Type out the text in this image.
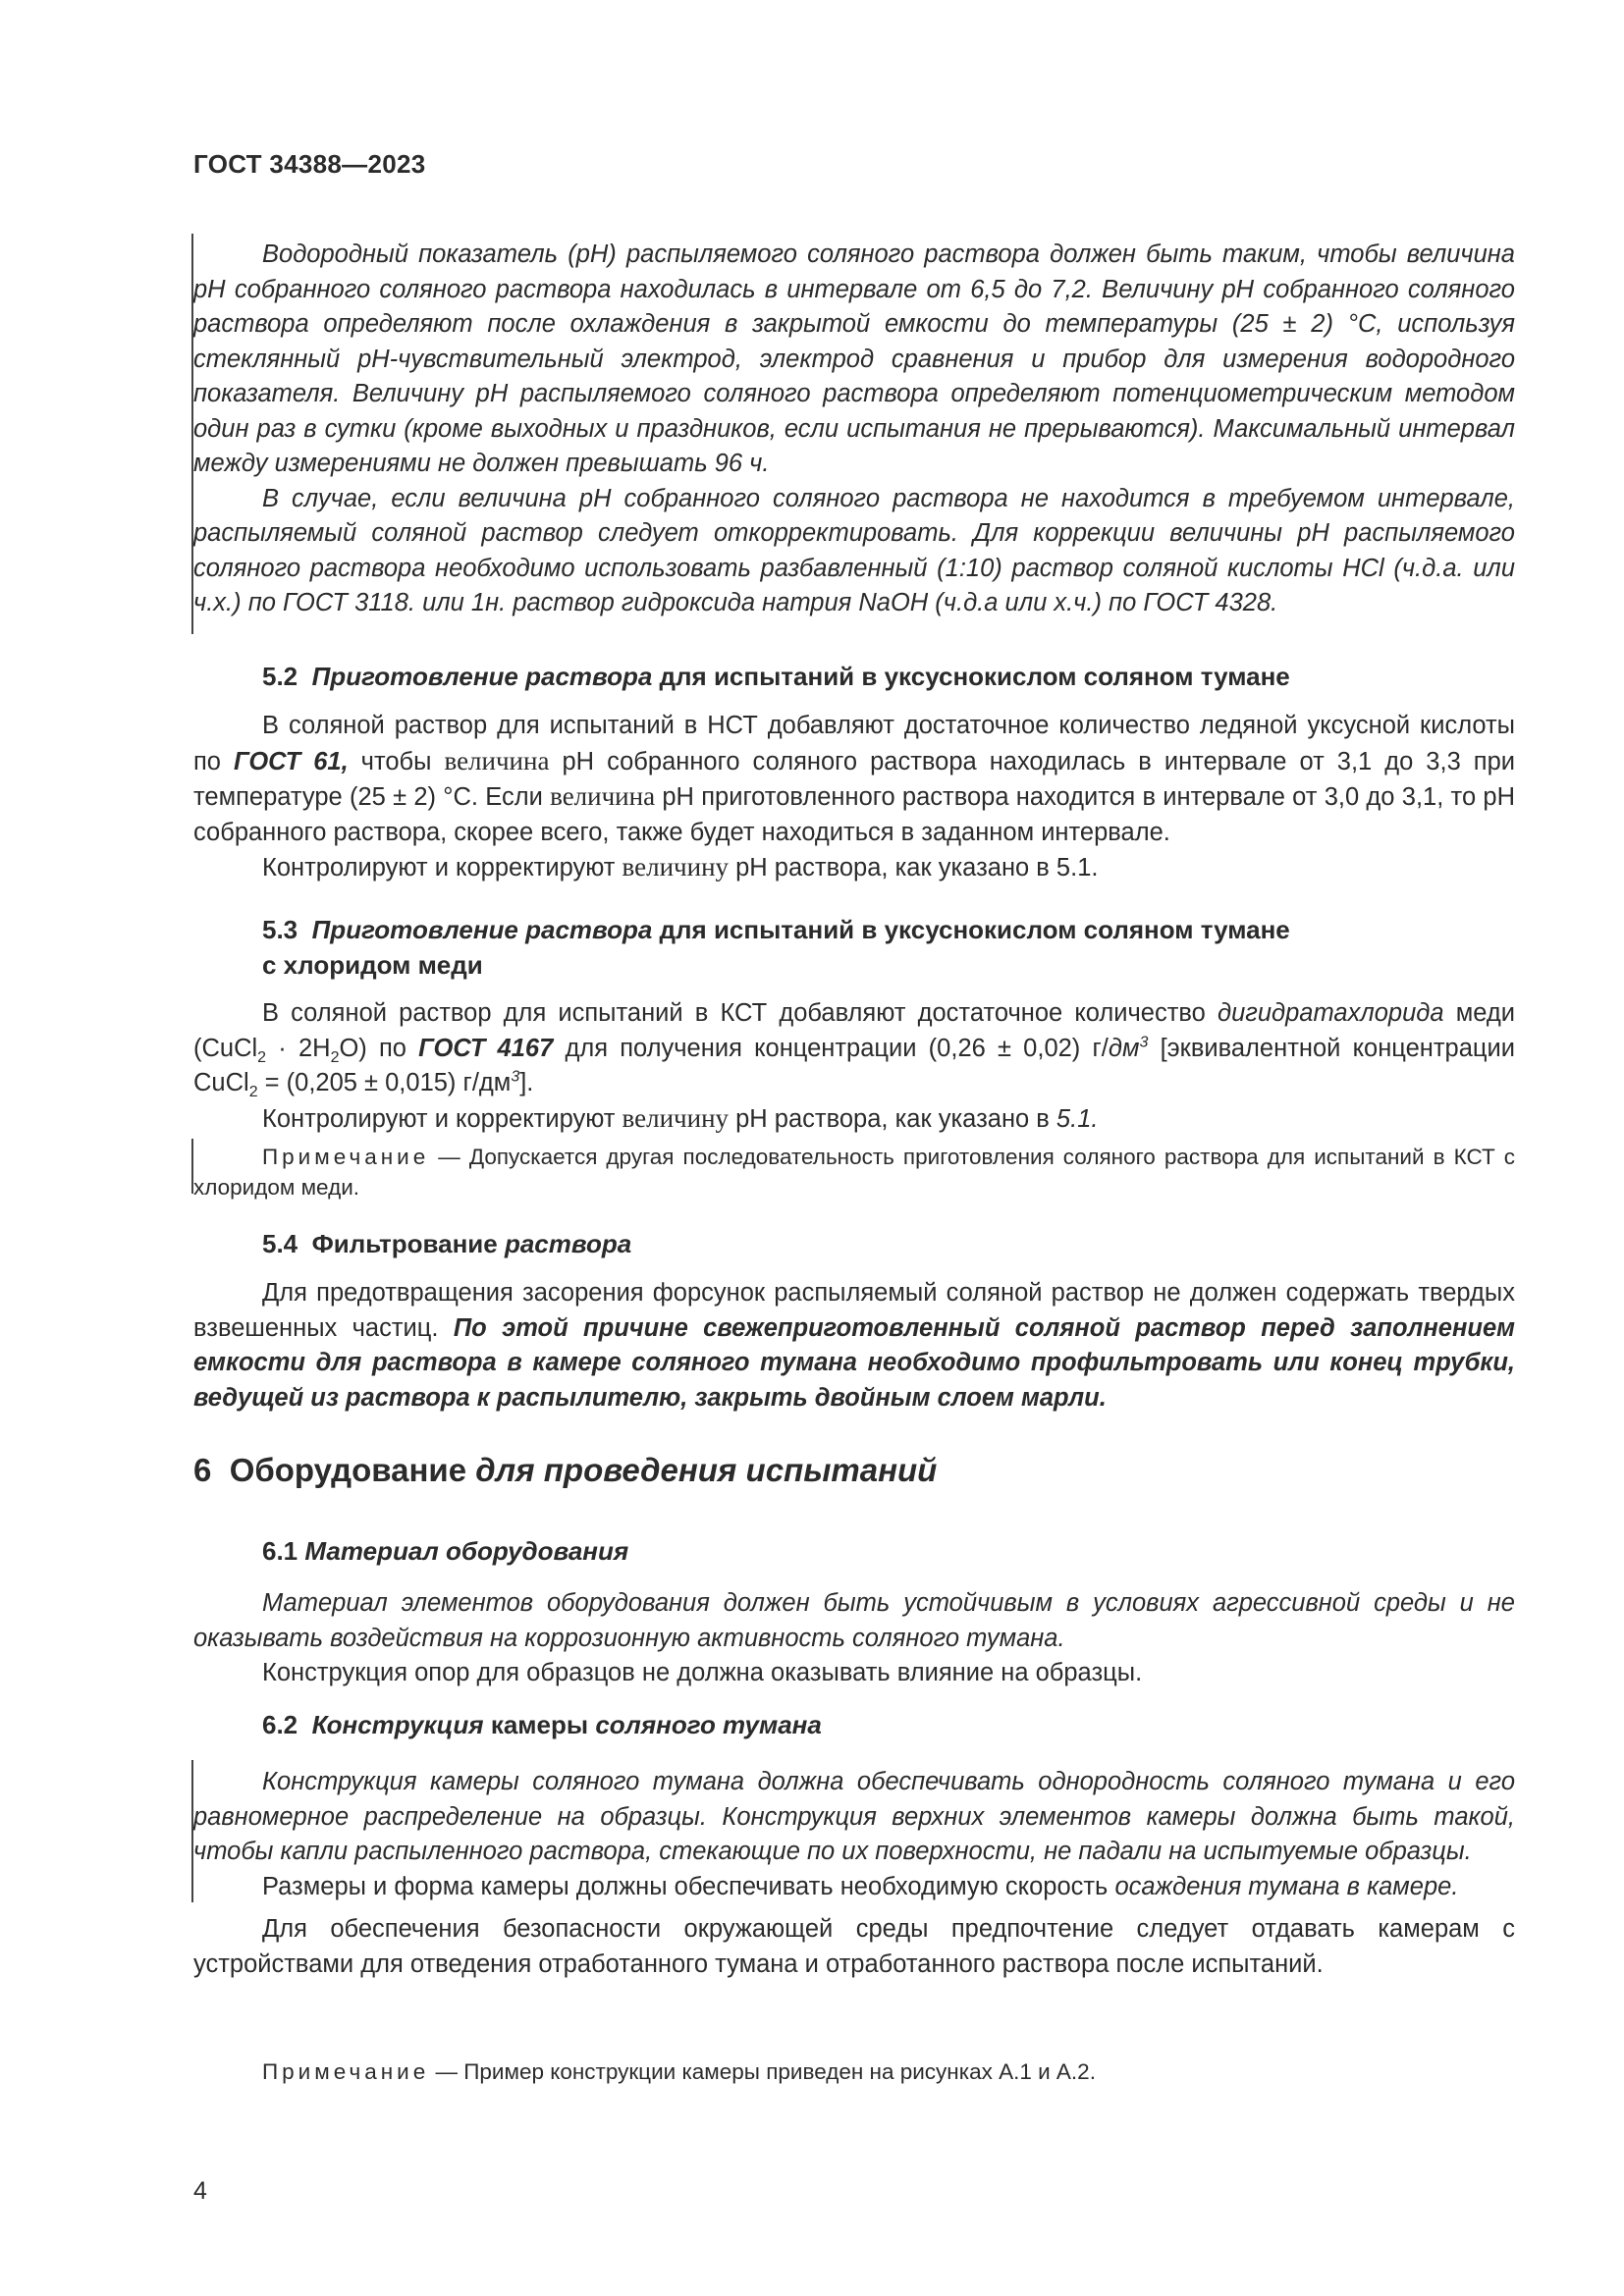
ГОСТ 34388—2023

Водородный показатель (рН) распыляемого соляного раствора должен быть таким, чтобы величина рН собранного соляного раствора находилась в интервале от 6,5 до 7,2. Величину рН собранного соляного раствора определяют после охлаждения в закрытой емкости до температуры (25 ± 2) °С, используя стеклянный рН-чувствительный электрод, электрод сравнения и прибор для измерения водородного показателя. Величину рН распыляемого соляного раствора определяют потенциометрическим методом один раз в сутки (кроме выходных и праздников, если испытания не прерываются). Максимальный интервал между измерениями не должен превышать 96 ч.

В случае, если величина рН собранного соляного раствора не находится в требуемом интервале, распыляемый соляной раствор следует откорректировать. Для коррекции величины рН распыляемого соляного раствора необходимо использовать разбавленный (1:10) раствор соляной кислоты HCl (ч.д.а. или ч.х.) по ГОСТ 3118. или 1н. раствор гидроксида натрия NaOH (ч.д.а или х.ч.) по ГОСТ 4328.

5.2 Приготовление раствора для испытаний в уксуснокислом соляном тумане

В соляной раствор для испытаний в НСТ добавляют достаточное количество ледяной уксусной кислоты по ГОСТ 61, чтобы величина рН собранного соляного раствора находилась в интервале от 3,1 до 3,3 при температуре (25 ± 2) °С. Если величина рН приготовленного раствора находится в интервале от 3,0 до 3,1, то рН собранного раствора, скорее всего, также будет находиться в заданном интервале.

Контролируют и корректируют величину рН раствора, как указано в 5.1.

5.3 Приготовление раствора для испытаний в уксуснокислом соляном тумане
с хлоридом меди

В соляной раствор для испытаний в КСТ добавляют достаточное количество дигидратахлорида меди (CuCl$_2$ · $2H_2O$) по ГОСТ 4167 для получения концентрации (0,26 ± 0,02) $г/дм^3$ [эквивалентной концентрации CuCl$_2$ = (0,205 ± 0,015) $г/дм^3$].

Контролируют и корректируют величину рН раствора, как указано в 5.1.

Примечание — Допускается другая последовательность приготовления соляного раствора для испытаний в КСТ с хлоридом меди.

5.4 Фильтрование раствора

Для предотвращения засорения форсунок распыляемый соляной раствор не должен содержать твердых взвешенных частиц. По этой причине свежеприготовленный соляной раствор перед заполнением емкости для раствора в камере соляного тумана необходимо профильтровать или конец трубки, ведущей из раствора к распылителю, закрыть двойным слоем марли.

6 Оборудование для проведения испытаний

6.1 Материал оборудования

Материал элементов оборудования должен быть устойчивым в условиях агрессивной среды и не оказывать воздействия на коррозионную активность соляного тумана.

Конструкция опор для образцов не должна оказывать влияние на образцы.

6.2 Конструкция камеры соляного тумана

Конструкция камеры соляного тумана должна обеспечивать однородность соляного тумана и его равномерное распределение на образцы. Конструкция верхних элементов камеры должна быть такой, чтобы капли распыленного раствора, стекающие по их поверхности, не падали на испытуемые образцы.

Размеры и форма камеры должны обеспечивать необходимую скорость осаждения тумана в камере.

Для обеспечения безопасности окружающей среды предпочтение следует отдавать камерам с устройствами для отведения отработанного тумана и отработанного раствора после испытаний.

Примечание — Пример конструкции камеры приведен на рисунках А.1 и А.2.

4
